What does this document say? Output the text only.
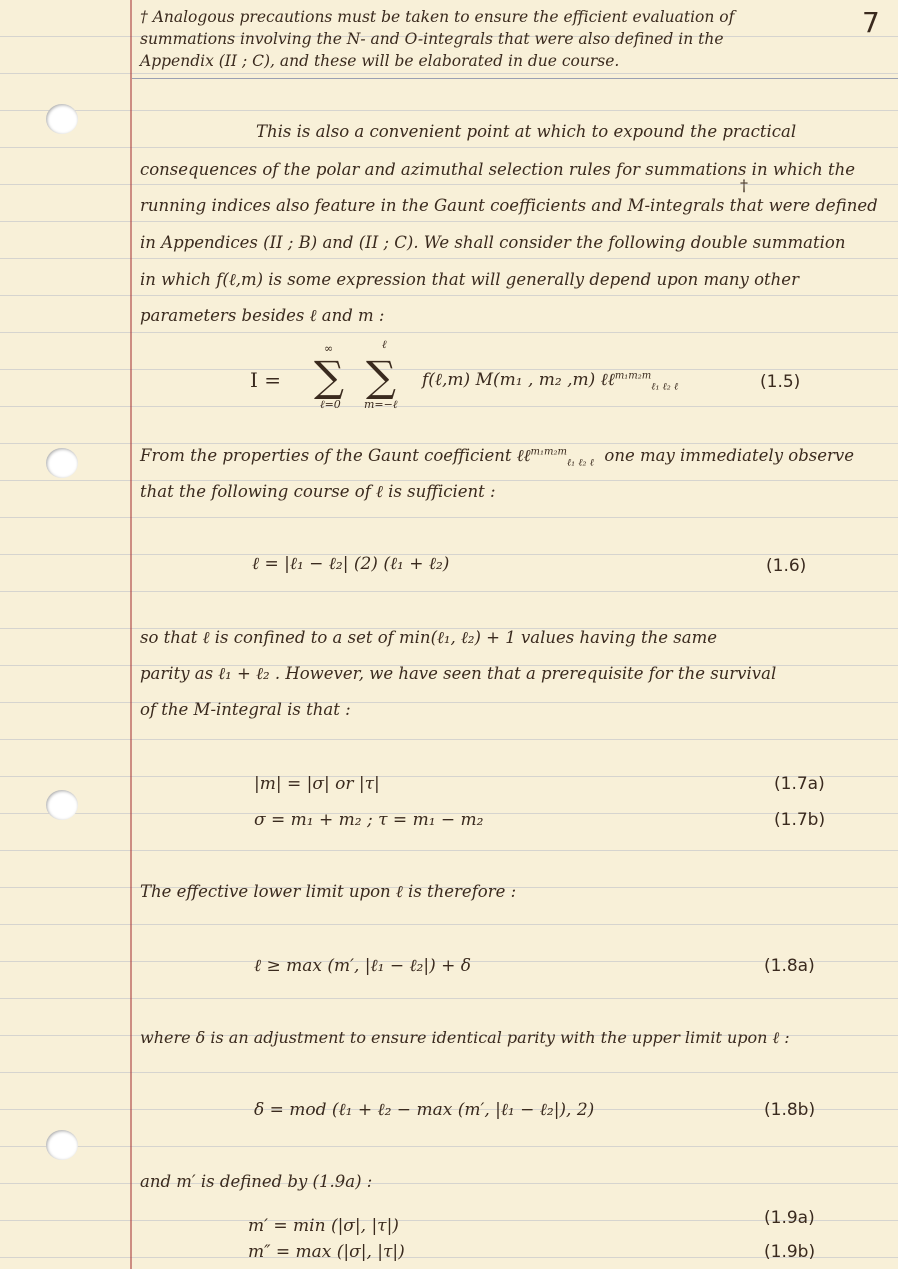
7
† Analogous precautions must be taken to ensure the efficient evaluation of
summations involving the N- and O-integrals that were also defined in the
Appendix (II ; C), and these will be elaborated in due course.
This is also a convenient point at which to expound the practical
consequences of the polar and azimuthal selection rules for summations in which the
running indices also feature in the Gaunt coefficients and M-integrals that were defined
†
in Appendices (II ; B) and (II ; C). We shall consider the following double summation
in which f(ℓ,m) is some expression that will generally depend upon many other
parameters besides ℓ and m :
I =
∞
∑
ℓ=0
ℓ
∑
m=−ℓ
f(ℓ,m) M(m₁ , m₂ ,m) ℓℓ$^{m_1m_2m}_{\ell_1 \ell_2 \ell}$	(1.5)
From the properties of the Gaunt coefficient ℓℓ$^{m_1m_2m}_{\ell_1 \ell_2 \ell}$ one may immediately observe
that the following course of ℓ is sufficient :
ℓ = |ℓ₁ − ℓ₂| (2) (ℓ₁ + ℓ₂)	(1.6)
so that ℓ is confined to a set of min(ℓ₁, ℓ₂) + 1 values having the same
parity as ℓ₁ + ℓ₂ . However, we have seen that a prerequisite for the survival
of the M-integral is that :
|m| = |σ| or |τ|	(1.7a)
σ = m₁ + m₂ ; τ = m₁ − m₂	(1.7b)
The effective lower limit upon ℓ is therefore :
ℓ ≥ max (m′, |ℓ₁ − ℓ₂|) + δ	(1.8a)
where δ is an adjustment to ensure identical parity with the upper limit upon ℓ :
δ = mod (ℓ₁ + ℓ₂ − max (m′, |ℓ₁ − ℓ₂|), 2)	(1.8b)
and m′ is defined by (1.9a) :
m′ = min (|σ|, |τ|)	(1.9a)
m″ = max (|σ|, |τ|)	(1.9b)
